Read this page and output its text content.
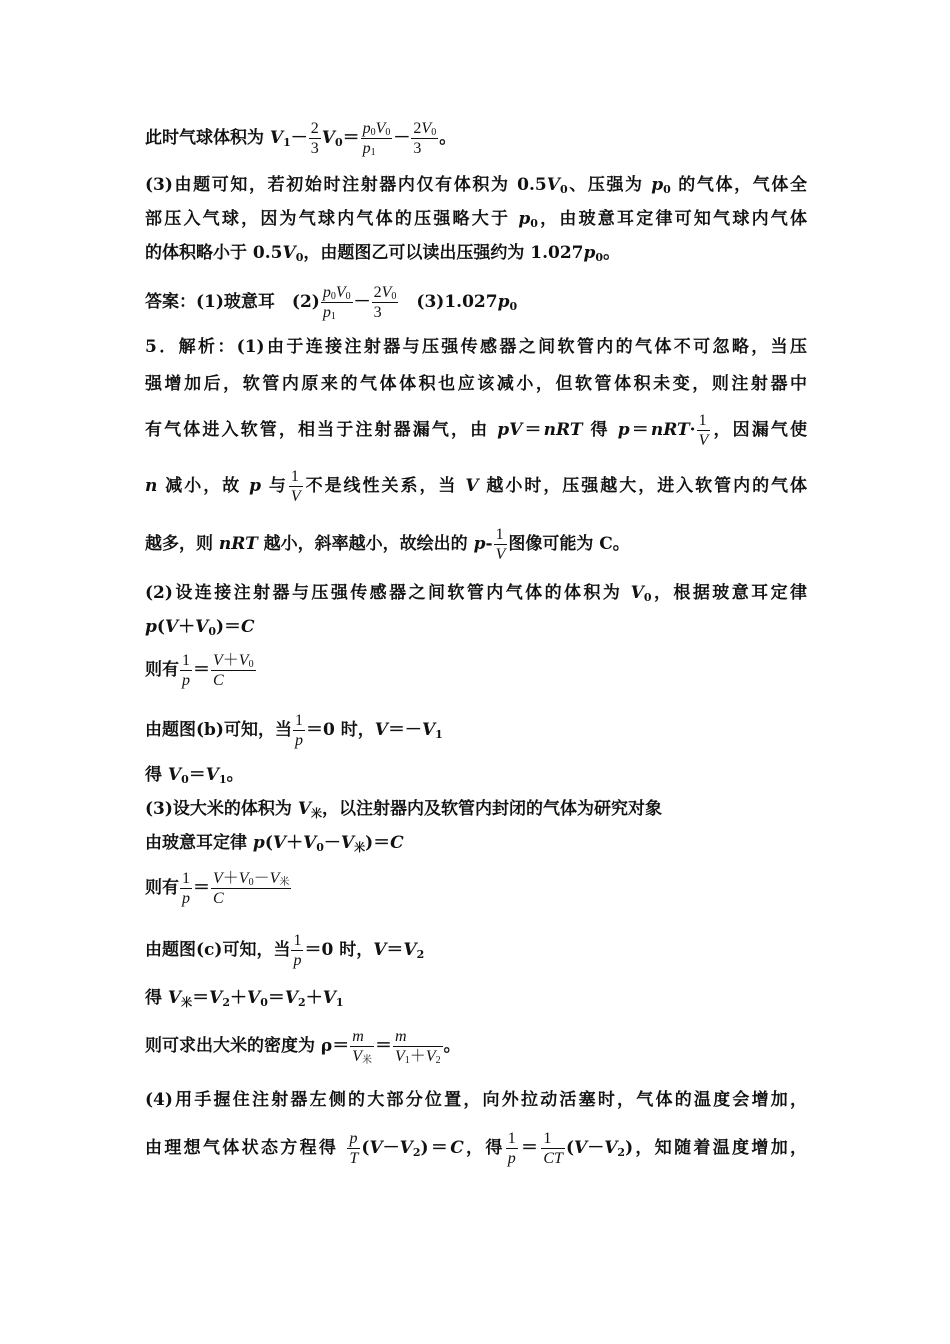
此时气球体积为 $V_1- \frac{2}{3} V_0= \frac{p_0V_0}{p_1} - \frac{2V_0}{3}$ 。
(3)由题可知，若初始时注射器内仅有体积为 $0.5V_0$、压强为 $p_0$ 的气体，气体全
部压入气球，因为气球内气体的压强略大于 $p_0$，由玻意耳定律可知气球内气体
的体积略小于 $0.5V_0$，由题图乙可以读出压强约为 $1.027p_0$。
答案：(1)玻意耳　$(2) \frac{p_0V_0}{p_1} - \frac{2V_0}{3}$ 　$(3)1.027p_0$
5．解析：(1)由于连接注射器与压强传感器之间软管内的气体不可忽略，当压
强增加后，软管内原来的气体体积也应该减小，但软管体积未变，则注射器中
有气体进入软管，相当于注射器漏气，由 pV＝nRT 得 $p=nRT\cdot \frac{1}{V}$ ，因漏气使
n 减小，故 p 与 $\frac{1}{V}$ 不是线性关系，当 V 越小时，压强越大，进入软管内的气体
越多，则 nRT 越小，斜率越小，故绘出的 $p- \frac{1}{V}$ 图像可能为 C。
(2)设连接注射器与压强传感器之间软管内气体的体积为 $V_0$，根据玻意耳定律
$p(V+V_0)=C$
则有 $\frac{1}{p} = \frac{V+V_0}{C}$
由题图(b)可知，当 $\frac{1}{p} =0$ 时，$V=-V_1$
得 $V_0=V_1$。
(3)设大米的体积为 $V_米$，以注射器内及软管内封闭的气体为研究对象
由玻意耳定律 $p(V+V_0-V_米)=C$
则有 $\frac{1}{p} = \frac{V+V_0-V_米}{C}$
由题图(c)可知，当 $\frac{1}{p} =0$ 时，$V=V_2$
得 $V_米=V_2+V_0=V_2+V_1$
则可求出大米的密度为 $\rho= \frac{m}{V_米} = \frac{m}{V_1+V_2}$ 。
(4)用手握住注射器左侧的大部分位置，向外拉动活塞时，气体的温度会增加，
由理想气体状态方程得 $\frac{p}{T} (V-V_2)=C$，得 $\frac{1}{p} = \frac{1}{CT} (V-V_2)$，知随着温度增加，
